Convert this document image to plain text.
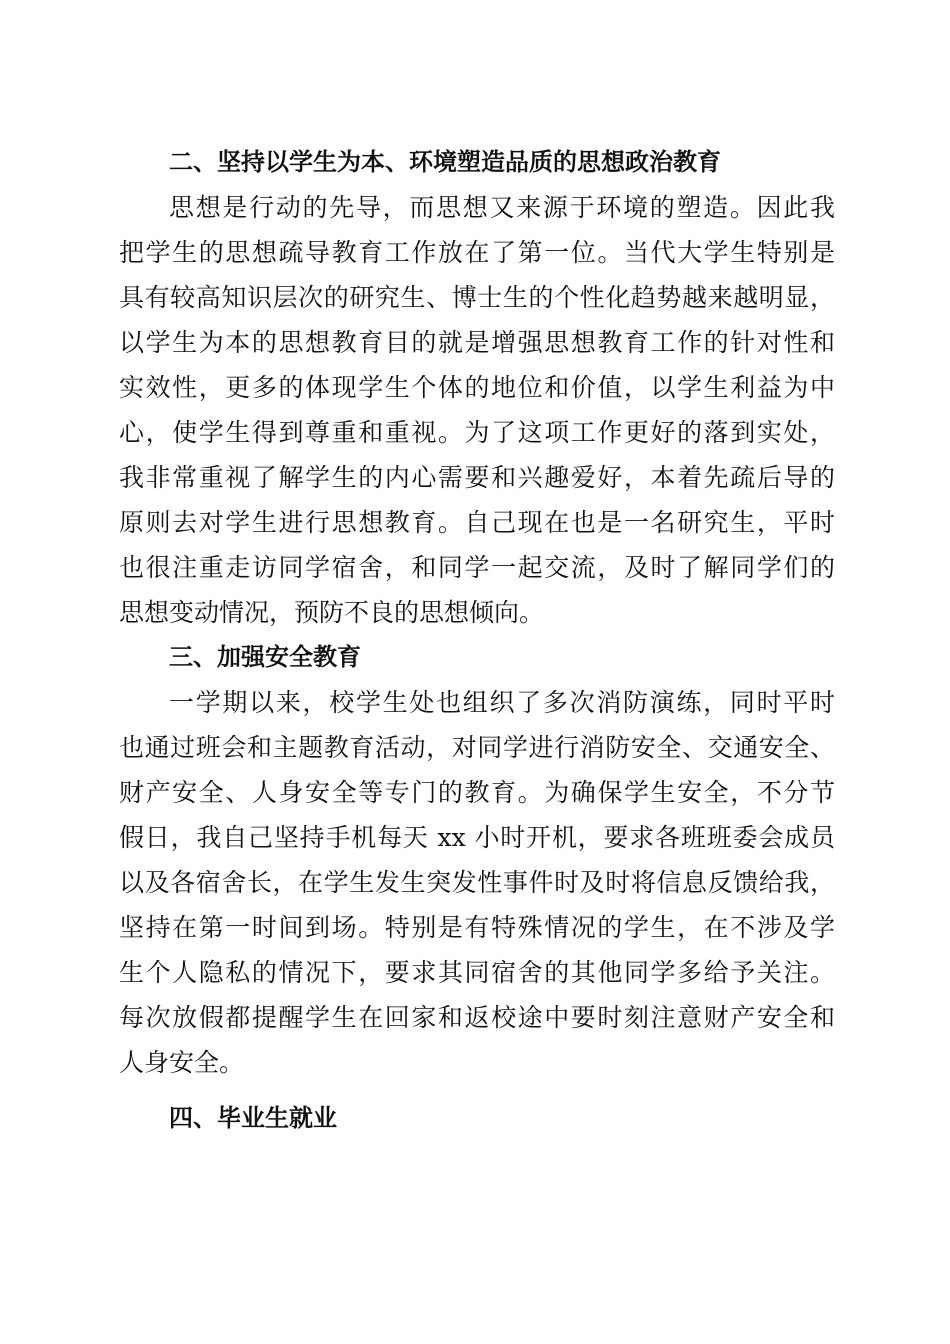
二、坚持以学生为本、环境塑造品质的思想政治教育
思想是行动的先导，而思想又来源于环境的塑造。因此我
把学生的思想疏导教育工作放在了第一位。当代大学生特别是
具有较高知识层次的研究生、博士生的个性化趋势越来越明显，
以学生为本的思想教育目的就是增强思想教育工作的针对性和
实效性，更多的体现学生个体的地位和价值，以学生利益为中
心，使学生得到尊重和重视。为了这项工作更好的落到实处，
我非常重视了解学生的内心需要和兴趣爱好，本着先疏后导的
原则去对学生进行思想教育。自己现在也是一名研究生，平时
也很注重走访同学宿舍，和同学一起交流，及时了解同学们的
思想变动情况，预防不良的思想倾向。
三、加强安全教育
一学期以来，校学生处也组织了多次消防演练，同时平时
也通过班会和主题教育活动，对同学进行消防安全、交通安全、
财产安全、人身安全等专门的教育。为确保学生安全，不分节
假日，我自己坚持手机每天 xx 小时开机，要求各班班委会成员
以及各宿舍长，在学生发生突发性事件时及时将信息反馈给我，
坚持在第一时间到场。特别是有特殊情况的学生，在不涉及学
生个人隐私的情况下，要求其同宿舍的其他同学多给予关注。
每次放假都提醒学生在回家和返校途中要时刻注意财产安全和
人身安全。
四、毕业生就业
